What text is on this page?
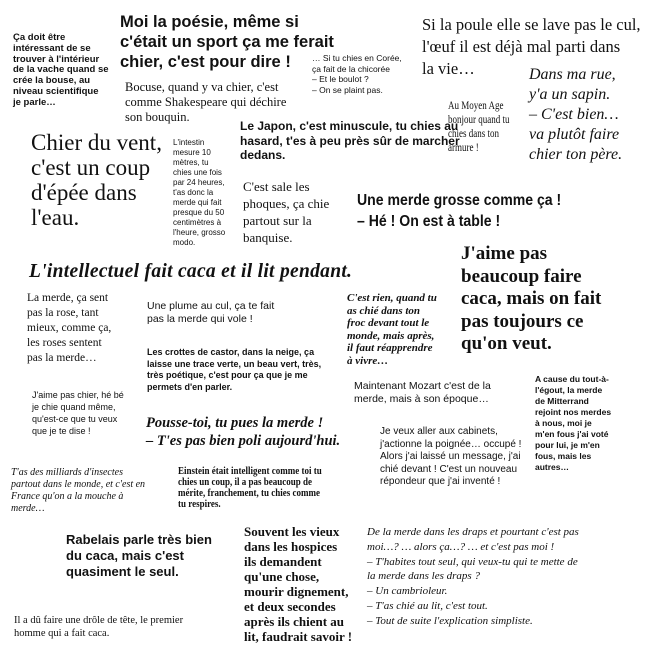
Ça doit être
intéressant de se
trouver à l'intérieur
de la vache quand se
crée la bouse, au
niveau scientifique
je parle…
Moi la poésie, même si
c'était un sport ça me ferait
chier, c'est pour dire !
Si la poule elle se lave pas le cul,
l'œuf il est déjà mal parti dans
la vie…
… Si tu chies en Corée,
ça fait de la chicorée
– Et le boulot ?
– On se plaint pas.
Dans ma rue,
y'a un sapin.
– C'est bien…
va plutôt faire
chier ton père.
Bocuse, quand y va chier, c'est
comme Shakespeare qui déchire
son bouquin.
Au Moyen Age
bonjour quand tu
chies dans ton
armure !
Chier du vent,
c'est un coup
d'épée dans
l'eau.
L'intestin
mesure 10
mètres, tu
chies une fois
par 24 heures,
t'as donc la
merde qui fait
presque du 50
centimètres à
l'heure, grosso
modo.
Le Japon, c'est minuscule, tu chies au
hasard, t'es à peu près sûr de marcher
dedans.
C'est sale les
phoques, ça chie
partout sur la
banquise.
Une merde grosse comme ça !
– Hé ! On est à table !
L'intellectuel fait caca et il lit pendant.
J'aime pas
beaucoup faire
caca, mais on fait
pas toujours ce
qu'on veut.
La merde, ça sent
pas la rose, tant
mieux, comme ça,
les roses sentent
pas la merde…
Une plume au cul, ça te fait
pas la merde qui vole !
C'est rien, quand tu
as chié dans ton
froc devant tout le
monde, mais après,
il faut réapprendre
à vivre…
Les crottes de castor, dans la neige, ça
laisse une trace verte, un beau vert, très,
très poétique, c'est pour ça que je me
permets d'en parler.	Maintenant Mozart c'est de la
merde, mais à son époque…
A cause du tout-à-
l'égout, la merde
de Mitterrand
rejoint nos merdes
à nous, moi je
m'en fous j'ai voté
pour lui, je m'en
fous, mais les
autres…
J'aime pas chier, hé bé
je chie quand même,
qu'est-ce que tu veux
que je te dise !	Pousse-toi, tu pues la merde !
– T'es pas bien poli aujourd'hui.
Je veux aller aux cabinets,
j'actionne la poignée… occupé !
Alors j'ai laissé un message, j'ai
chié devant ! C'est un nouveau
répondeur que j'ai inventé !
T'as des milliards d'insectes
partout dans le monde, et c'est en
France qu'on a la mouche à
merde…
Einstein était intelligent comme toi tu
chies un coup, il a pas beaucoup de
mérite, franchement, tu chies comme
tu respires.
Rabelais parle très bien
du caca, mais c'est
quasiment le seul.
Souvent les vieux
dans les hospices
ils demandent
qu'une chose,
mourir dignement,
et deux secondes
après ils chient au
lit, faudrait savoir !
De la merde dans les draps et pourtant c'est pas
moi…? … alors ça…? … et c'est pas moi !
– T'habites tout seul, qui veux-tu qui te mette de
la merde dans les draps ?
– Un cambrioleur.
– T'as chié au lit, c'est tout.
– Tout de suite l'explication simpliste.
Il a dû faire une drôle de tête, le premier
homme qui a fait caca.
